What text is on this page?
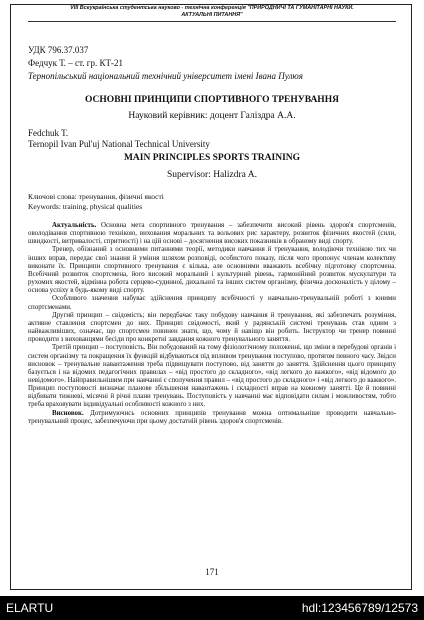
VIII Всеукраїнська студентська науково - технічна конференція "ПРИРОДНИЧІ ТА ГУМАНІТАРНІ НАУКИ.
АКТУАЛЬНІ ПИТАННЯ"
УДК 796.37.037
Федчук Т. – ст. гр. КТ-21
Тернопільський національний технічний університет імені Івана Пулюя
ОСНОВНІ ПРИНЦИПИ СПОРТИВНОГО ТРЕНУВАННЯ
Науковий керівник: доцент Галіздра А.А.
Fedchuk T.
Ternopil Ivan Pul'uj National Technical University
MAIN PRINCIPLES SPORTS TRAINING
Supervisor: Halizdra A.
Ключові слова: тренування, фізичні якості
Keywords: training, physical qualities

Актуальність. Основна мета спортивного тренування – забезпечити високий рівень здоров'я спортсменів, оволодівання спортивною технікою, виховання моральних та вольових рис характеру, розвиток фізичних якостей (сили, швидкості, витривалості, спритності) і на цій основі – досягнення високих показників в обраному виді спорту.

Тренер, обізнаний з основними питаннями теорії, методики навчання й тренування, володіючи технікою тих чи інших вправ, передає свої знання й уміння шляхом розповіді, особистого показу, після чого пропонує членам колективу виконати їх. Принципи спортивного тренування є кілька, але основними вважають всебічну підготовку спортсмена. Всебічний розвиток спортсмена, його високий моральний і культурний рівень, гармонійний розвиток мускулатури та рухомих якостей, відмінна робота серцево-судинної, дихальної та інших систем організму, фізична досконалість у цілому – основа успіху в будь-якому виді спорту.

Особливого значення набуває здійснення принципу всебічності у навчально-тренувальній роботі з юними спортсменами.

Другий принцип – свідомість; він передбачає таку побудову навчання й тренування, які забезпечать розуміння, активне ставлення спортсмен до них. Принцип свідомості, який у радянській системі тренувань став одним з найважливіших, означає, що спортсмен повинен знати, що, чому й навіщо він робить. Інструктор чи тренер повинні проводити з вихованцями бесіди про конкретні завдання кожного тренувального заняття.

Третій принцип – поступовість. Він побудований на тому фізіологічному положенні, що зміни в перебудові органів і систем організму та покращення їх функцій відбуваються під впливом тренування поступово, протягом певного часу. Звідси висновок – тренувальне навантаження треба підвищувати поступово, від заняття до заняття. Здійснення цього принципу базується і на відомих педагогічних правилах – «від простого до складного», «від легкого до важкого», «від відомого до невідомого». Найправильнішим при навчанні є сполучення правил – «від простого до складного» і «від легкого до важкого». Принцип поступовості визначає планове збільшення навантажень і складності вправ на кожному занятті. Це й повинні відбивати тижневі, місячні й річні плани тренувань. Поступовість у навчанні має відповідати силам і можливостям, тобто треба враховувати індивідуальні особливості кожного з них.

Висновок. Дотримуючись основних принципів тренування можна оптимальніше проводити навчально-тренувальний процес, забезпечуючи при цьому достатній рівень здоров'я спортсменів.

171
ELARTU	hdl:123456789/12573
